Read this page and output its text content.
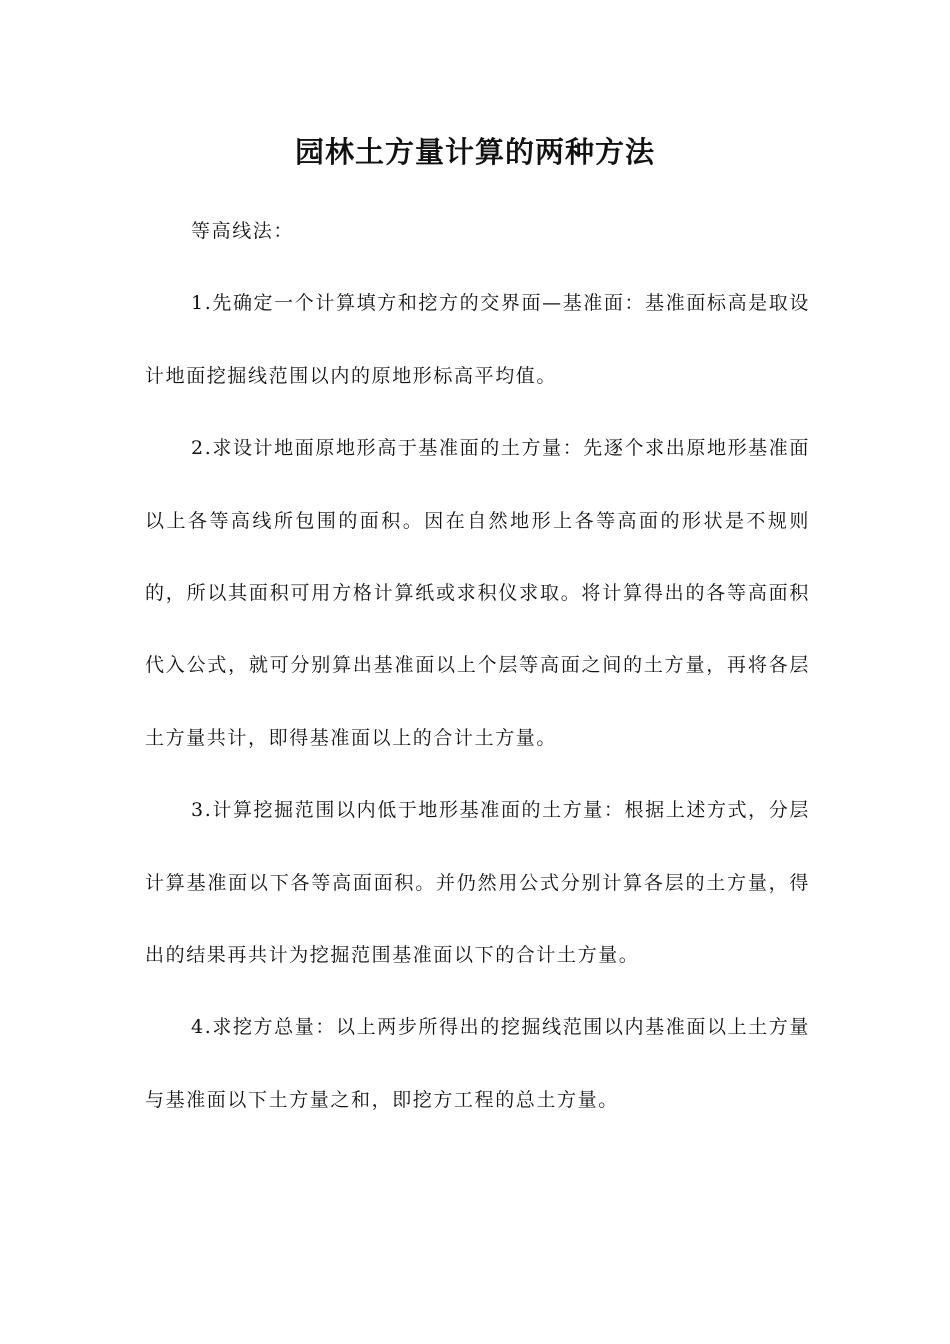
园林土方量计算的两种方法

等高线法：

1.先确定一个计算填方和挖方的交界面—基准面：基准面标高是取设计地面挖掘线范围以内的原地形标高平均值。

2.求设计地面原地形高于基准面的土方量：先逐个求出原地形基准面以上各等高线所包围的面积。因在自然地形上各等高面的形状是不规则的，所以其面积可用方格计算纸或求积仪求取。将计算得出的各等高面积代入公式，就可分别算出基准面以上个层等高面之间的土方量，再将各层土方量共计，即得基准面以上的合计土方量。

3.计算挖掘范围以内低于地形基准面的土方量：根据上述方式，分层计算基准面以下各等高面面积。并仍然用公式分别计算各层的土方量，得出的结果再共计为挖掘范围基准面以下的合计土方量。

4.求挖方总量：以上两步所得出的挖掘线范围以内基准面以上土方量与基准面以下土方量之和，即挖方工程的总土方量。
